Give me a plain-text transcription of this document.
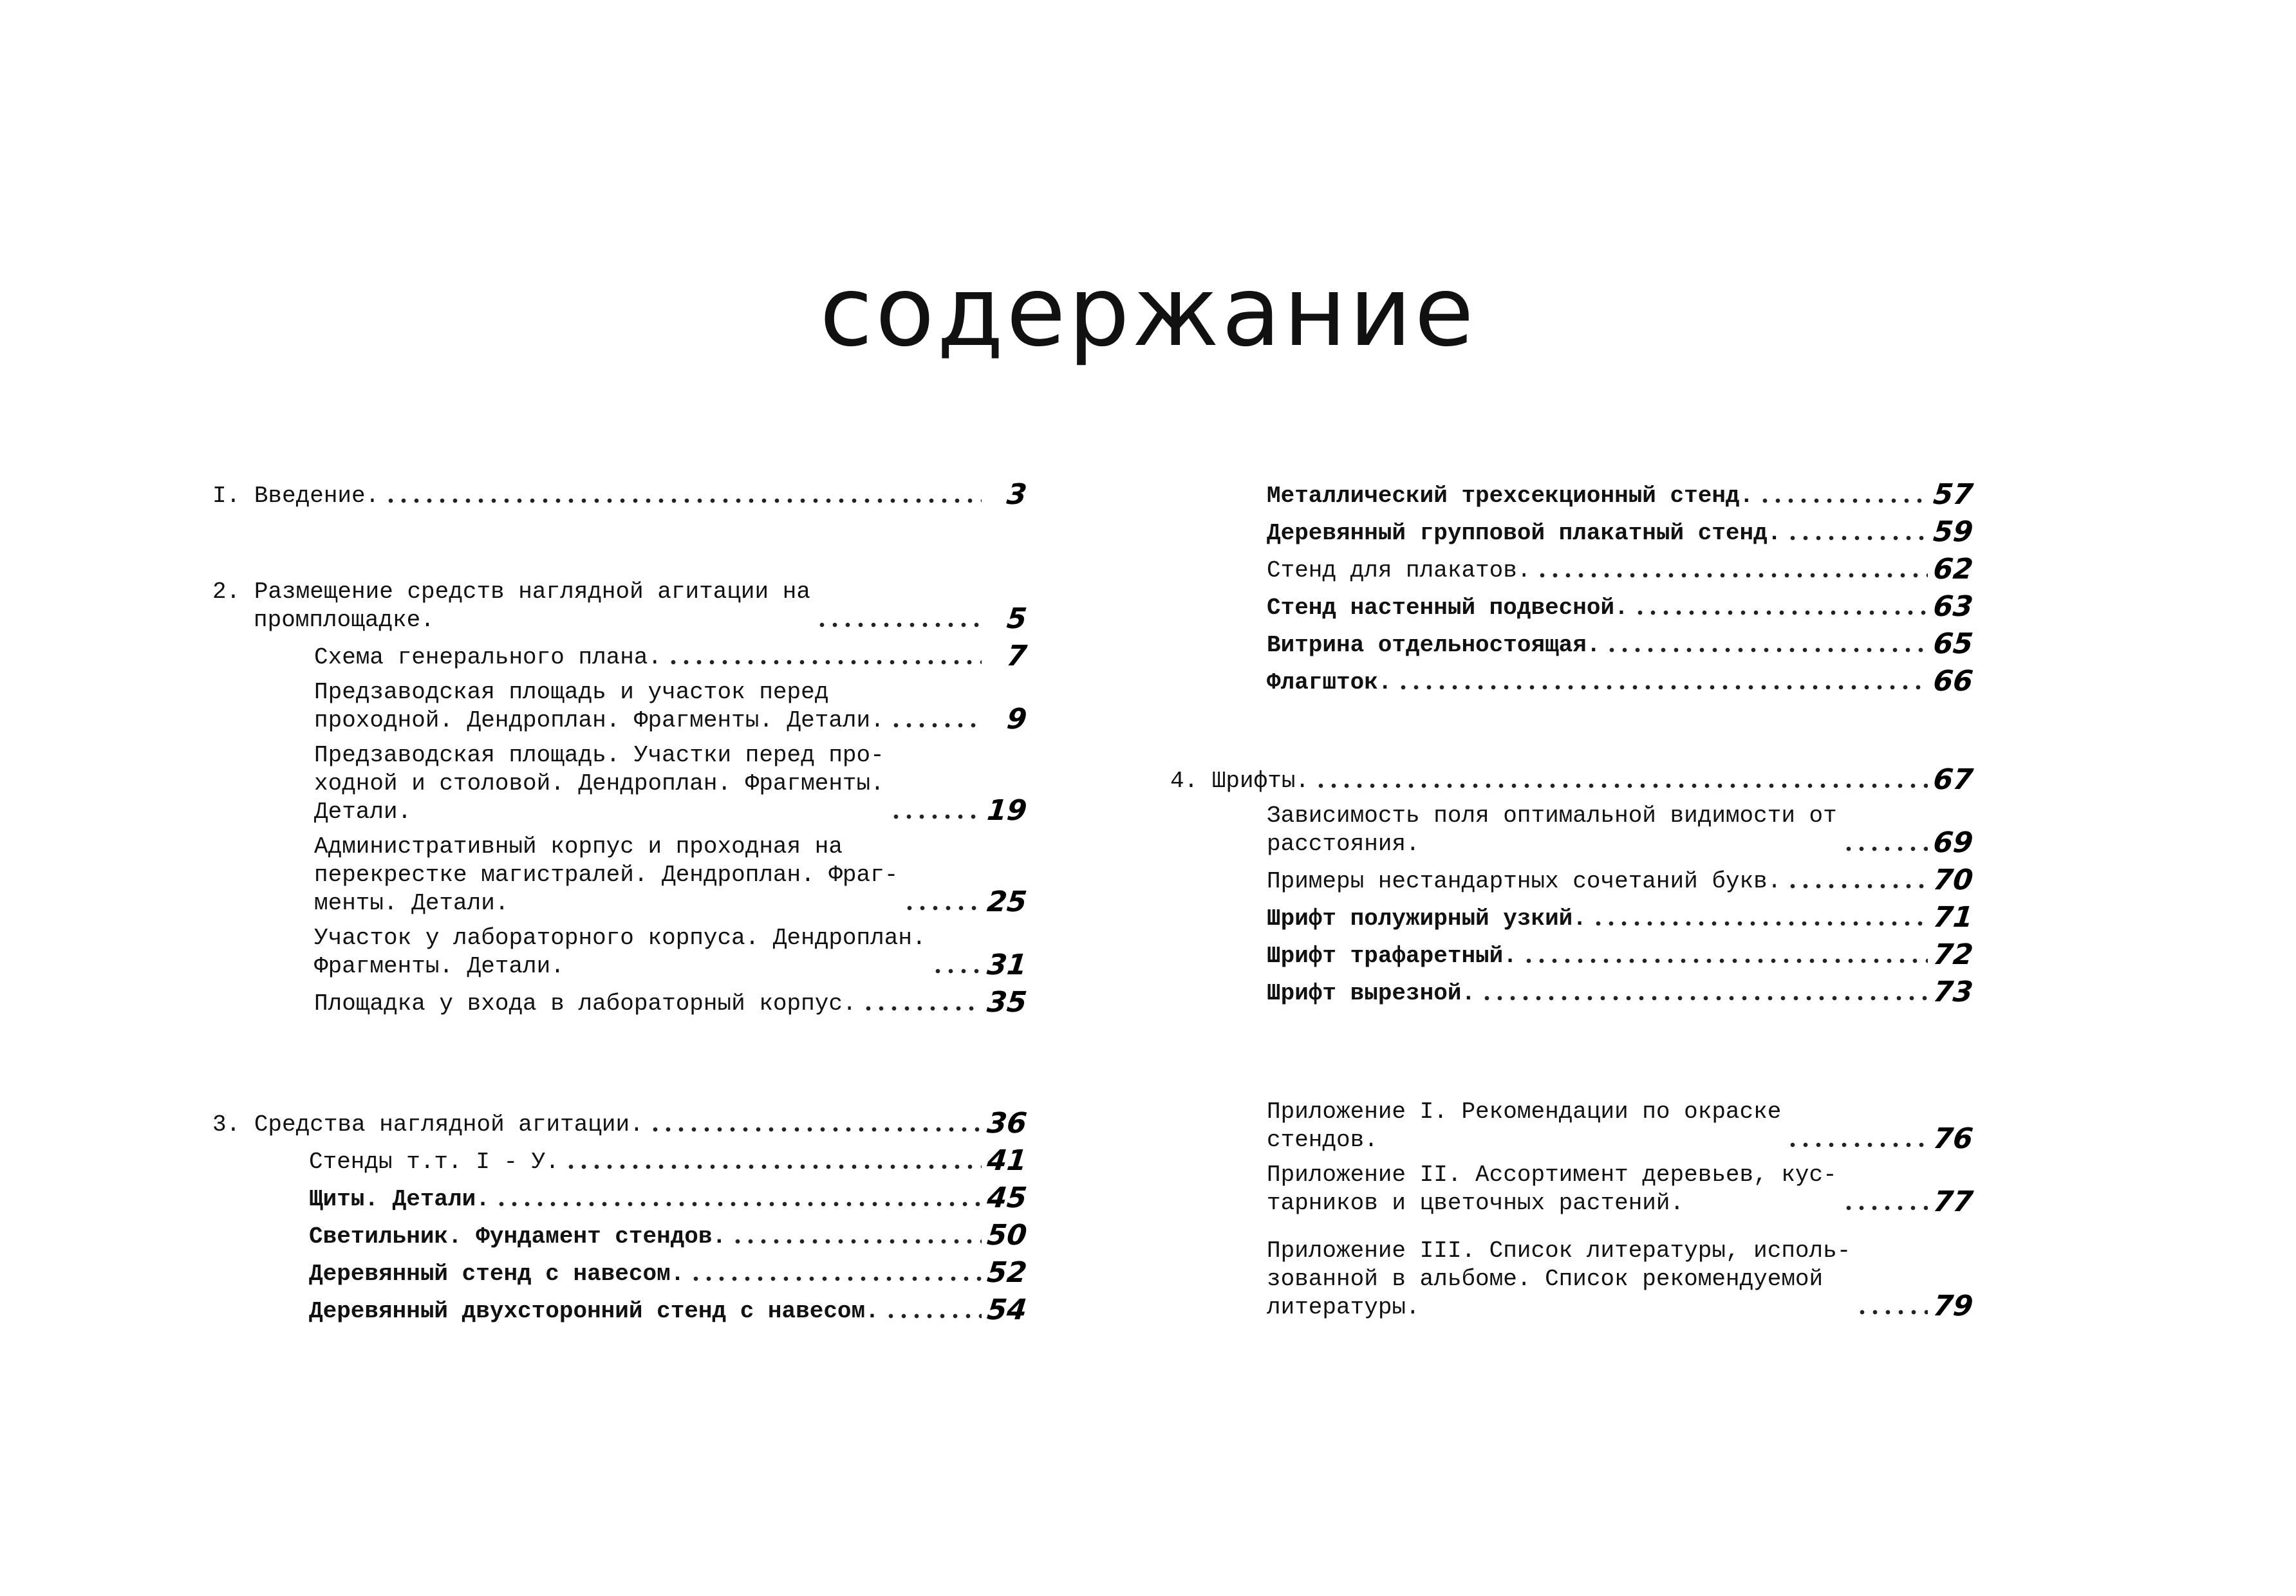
содержание
I. Введение.	3
2. Размещение средств наглядной агитации на
промплощадке.	5
Схема генерального плана.	7
Предзаводская площадь и участок перед
проходной. Дендроплан. Фрагменты. Детали.	9
Предзаводская площадь. Участки перед про-
ходной и столовой. Дендроплан. Фрагменты.
Детали.	19
Административный корпус и проходная на
перекрестке магистралей. Дендроплан. Фраг-
менты. Детали.	25
Участок у лабораторного корпуса. Дендроплан.
Фрагменты. Детали.	31
Площадка у входа в лабораторный корпус.	35
3. Средства наглядной агитации.	36
Стенды т.т. I - У.	41
Щиты. Детали.	45
Светильник. Фундамент стендов.	50
Деревянный стенд с навесом.	52
Деревянный двухсторонний стенд с навесом.	54
Металлический трехсекционный стенд.	57
Деревянный групповой плакатный стенд.	59
Стенд для плакатов.	62
Стенд настенный подвесной.	63
Витрина отдельностоящая.	65
Флагшток.	66
4. Шрифты.	67
Зависимость поля оптимальной видимости от
расстояния.	69
Примеры нестандартных сочетаний букв.	70
Шрифт полужирный узкий.	71
Шрифт трафаретный.	72
Шрифт вырезной.	73
Приложение I. Рекомендации по окраске
стендов.	76
Приложение II. Ассортимент деревьев, кус-
тарников и цветочных растений.	77
Приложение III. Список литературы, исполь-
зованной в альбоме. Список рекомендуемой
литературы.	79
